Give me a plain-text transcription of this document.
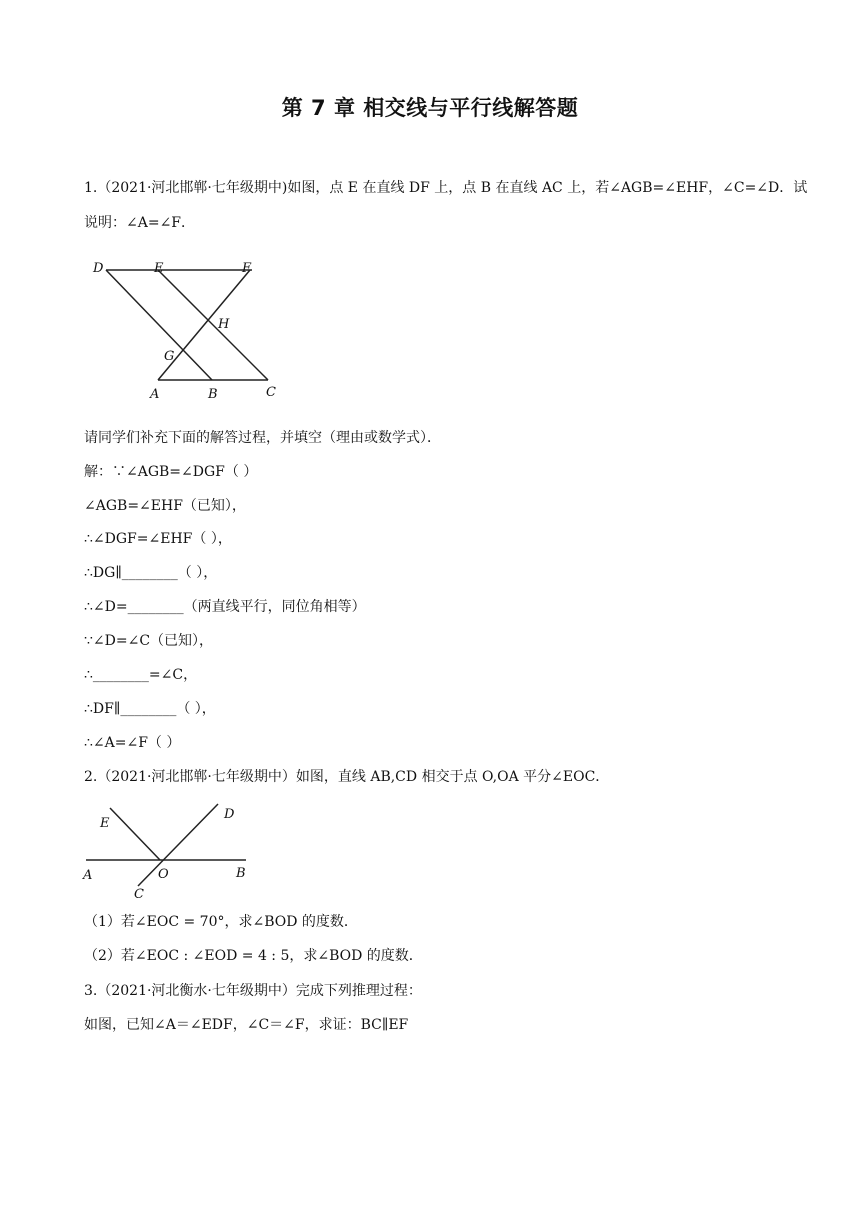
第 7 章 相交线与平行线解答题
1.（2021·河北邯郸·七年级期中)如图，点 E 在直线 DF 上，点 B 在直线 AC 上，若∠AGB=∠EHF，∠C=∠D．试
说明：∠A=∠F．
D	E	F
H
G
A	B	C
请同学们补充下面的解答过程，并填空（理由或数学式）．
解：∵∠AGB=∠DGF（ ）
∠AGB=∠EHF（已知），
∴∠DGF=∠EHF（ ），
∴DG∥________（ ），
∴∠D=________（两直线平行，同位角相等）
∵∠D=∠C（已知），
∴________=∠C，
∴DF∥________（ ），
∴∠A=∠F（ ）
2.（2021·河北邯郸·七年级期中）如图，直线 AB,CD 相交于点 O,OA 平分∠EOC．
E
D
A	O	B
C
（1）若∠EOC = 70°，求∠BOD 的度数．
（2）若∠EOC : ∠EOD = 4 : 5，求∠BOD 的度数．
3.（2021·河北衡水·七年级期中）完成下列推理过程：
如图，已知∠A＝∠EDF，∠C＝∠F，求证：BC∥EF
